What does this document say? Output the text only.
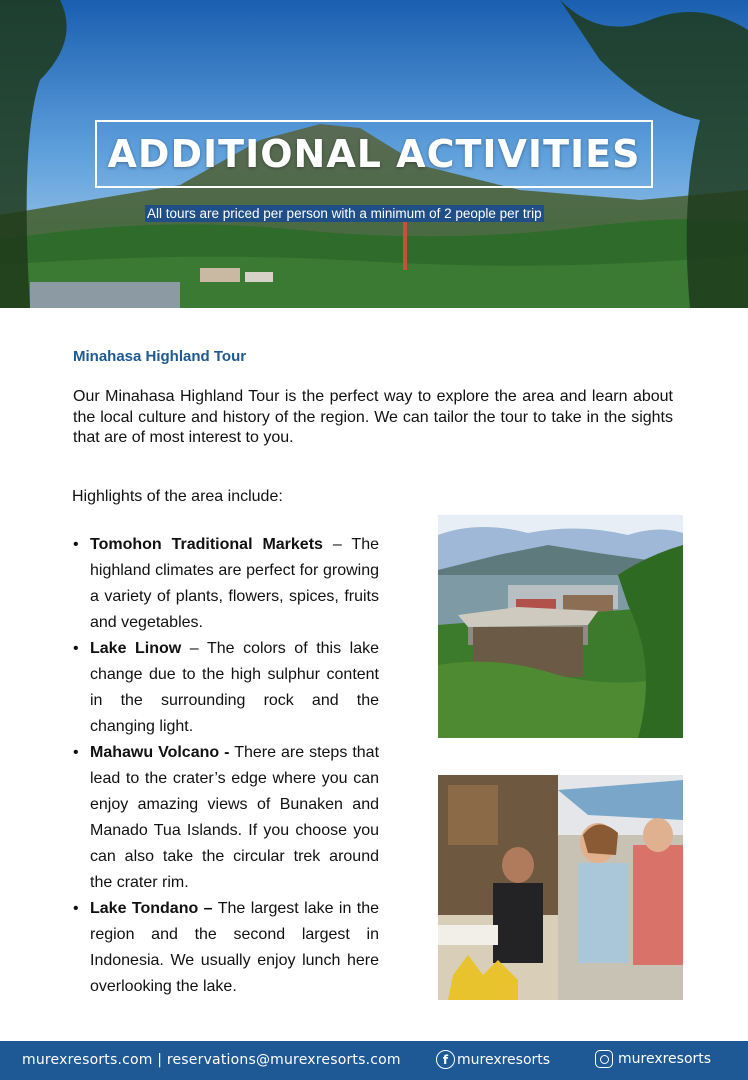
ADDITIONAL ACTIVITIES
All tours are priced per person with a minimum of 2 people per trip
Minahasa Highland Tour

Our Minahasa Highland Tour is the perfect way to explore the area and learn about the local culture and history of the region. We can tailor the tour to take in the sights that are of most interest to you.

Highlights of the area include:
• Tomohon Traditional Markets – The highland climates are perfect for growing a variety of plants, flowers, spices, fruits and vegetables.
• Lake Linow – The colors of this lake change due to the high sulphur content in the surrounding rock and the changing light.
• Mahawu Volcano - There are steps that lead to the crater’s edge where you can enjoy amazing views of Bunaken and Manado Tua Islands. If you choose you can also take the circular trek around the crater rim.
• Lake Tondano – The largest lake in the region and the second largest in Indonesia. We usually enjoy lunch here overlooking the lake.
murexresorts.com | reservations@murexresorts.com	f murexresorts	murexresorts
